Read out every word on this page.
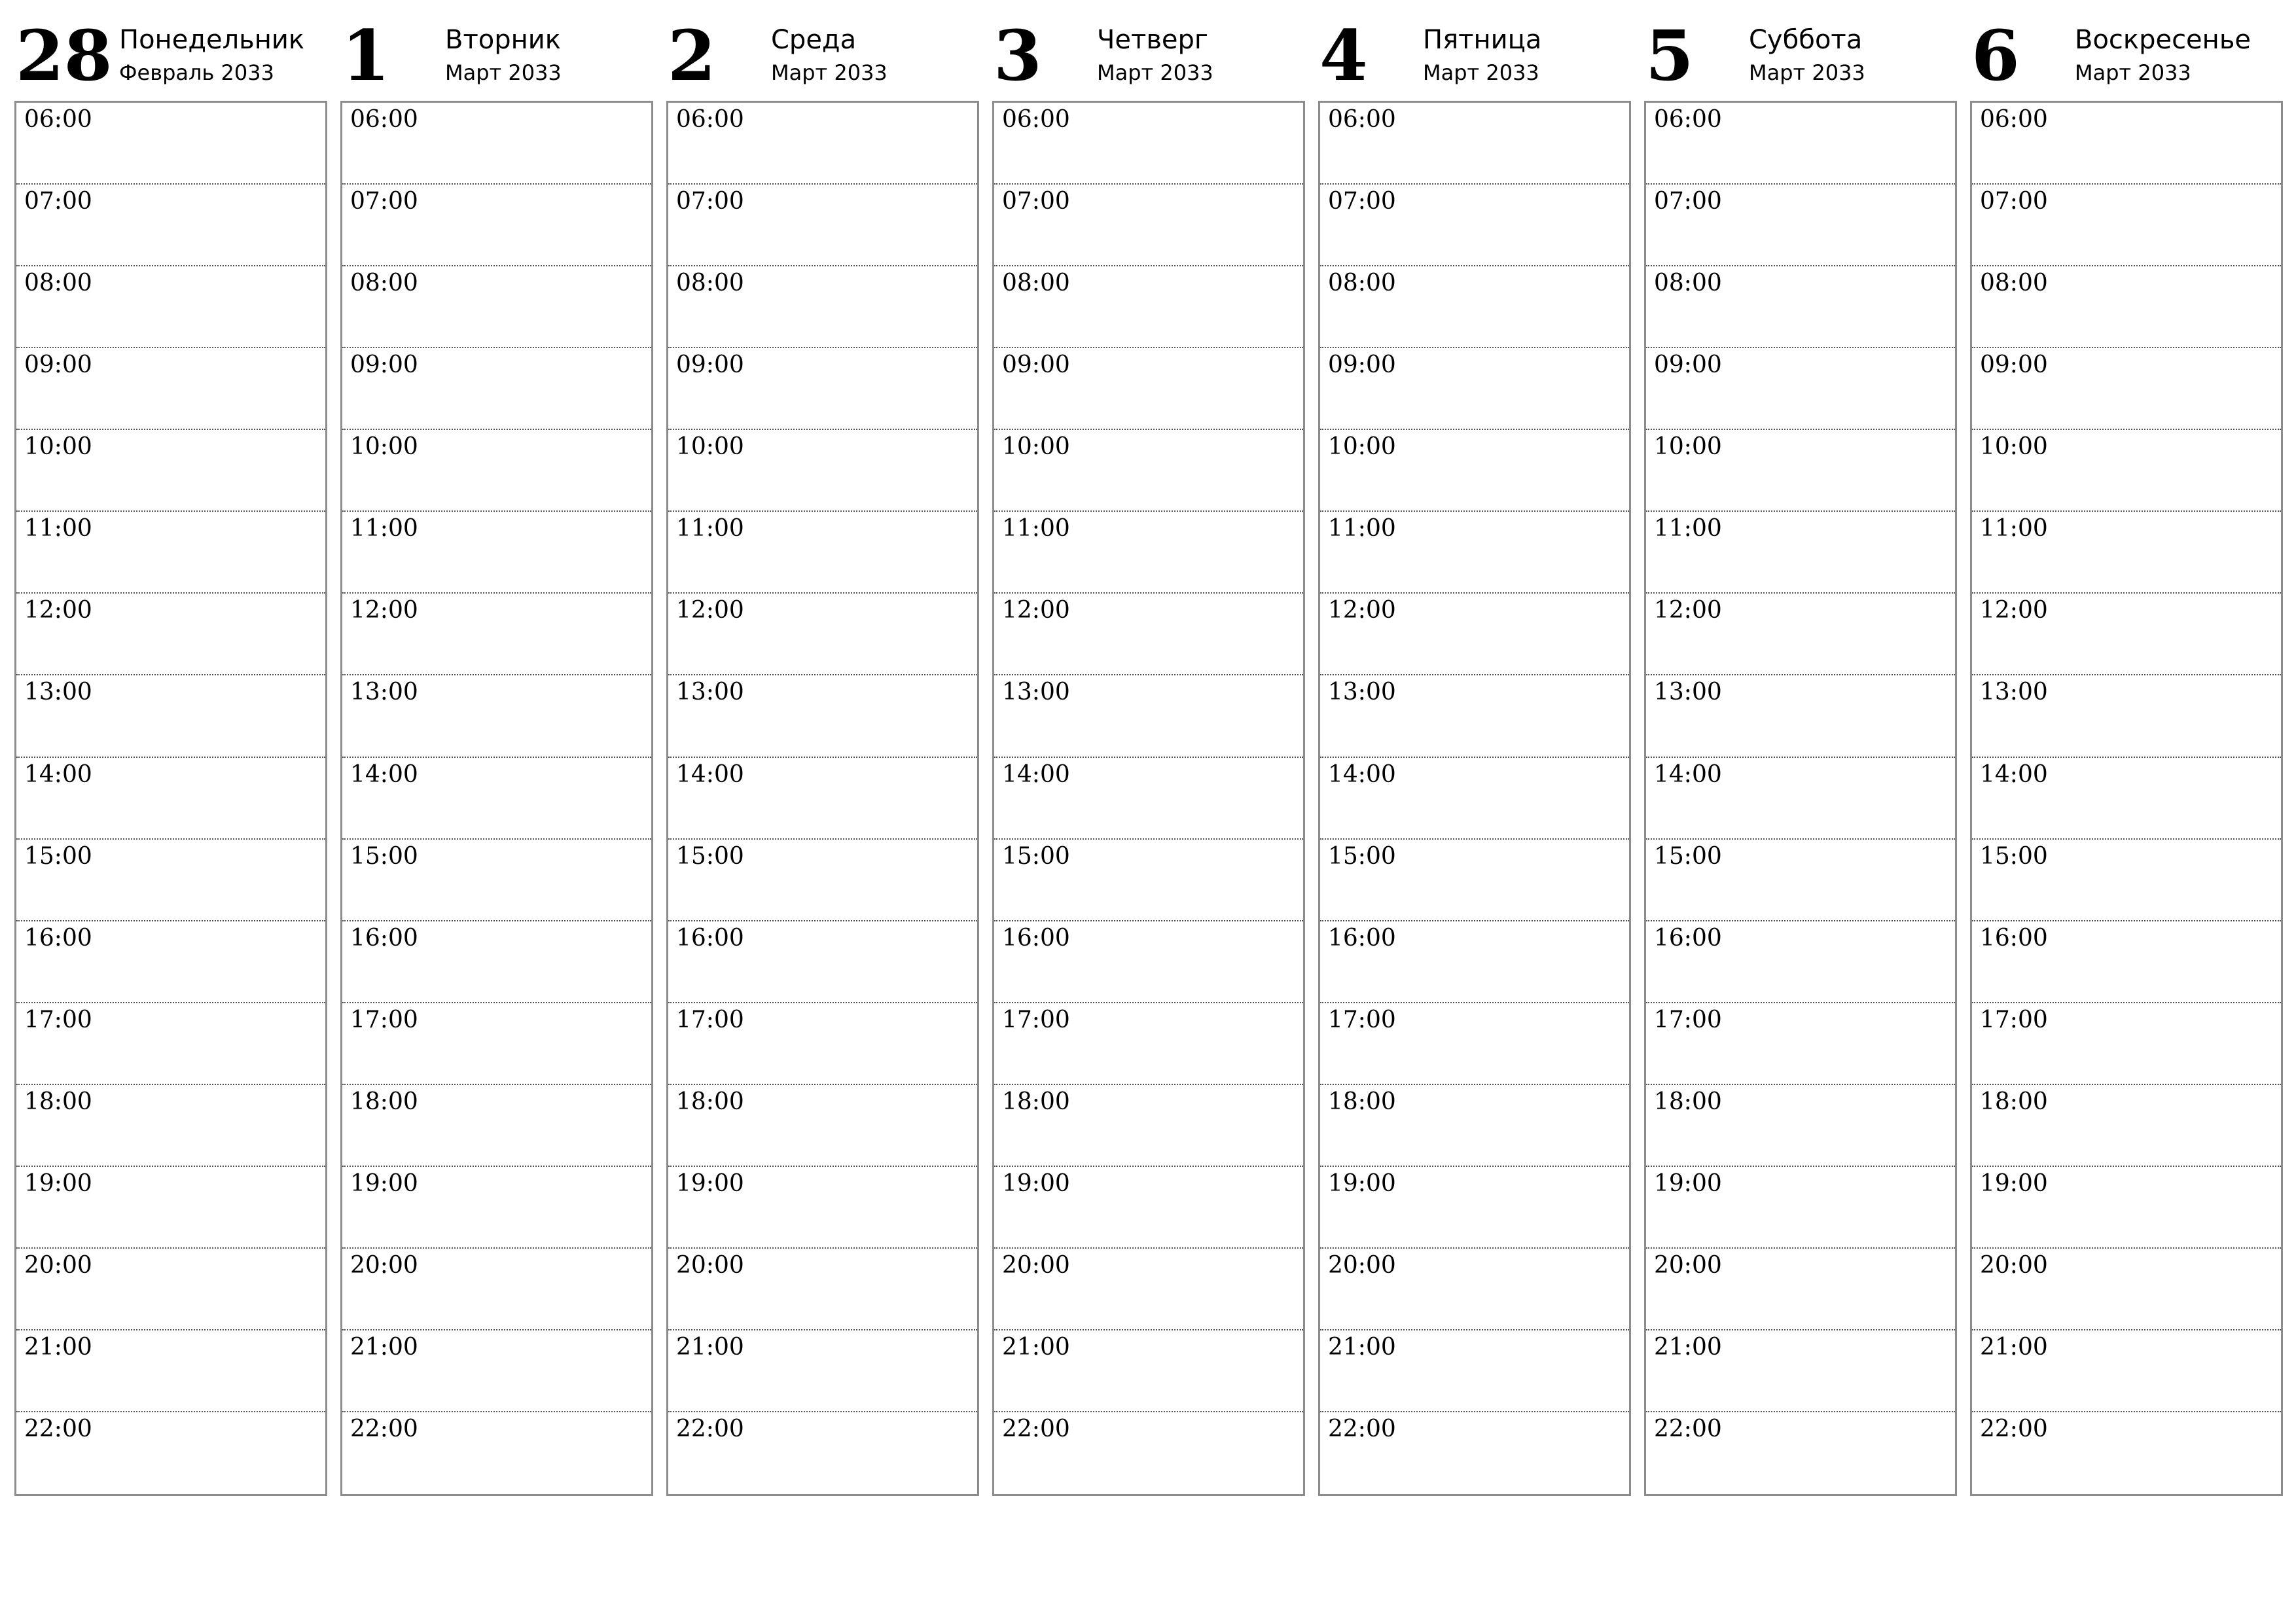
28 Понедельник
Февраль 2033
06:00
07:00
08:00
09:00
10:00
11:00
12:00
13:00
14:00
15:00
16:00
17:00
18:00
19:00
20:00
21:00
22:00
1 Вторник
Март 2033
06:00
07:00
08:00
09:00
10:00
11:00
12:00
13:00
14:00
15:00
16:00
17:00
18:00
19:00
20:00
21:00
22:00
2 Среда
Март 2033
06:00
07:00
08:00
09:00
10:00
11:00
12:00
13:00
14:00
15:00
16:00
17:00
18:00
19:00
20:00
21:00
22:00
3 Четверг
Март 2033
06:00
07:00
08:00
09:00
10:00
11:00
12:00
13:00
14:00
15:00
16:00
17:00
18:00
19:00
20:00
21:00
22:00
4 Пятница
Март 2033
06:00
07:00
08:00
09:00
10:00
11:00
12:00
13:00
14:00
15:00
16:00
17:00
18:00
19:00
20:00
21:00
22:00
5 Суббота
Март 2033
06:00
07:00
08:00
09:00
10:00
11:00
12:00
13:00
14:00
15:00
16:00
17:00
18:00
19:00
20:00
21:00
22:00
6 Воскресенье
Март 2033
06:00
07:00
08:00
09:00
10:00
11:00
12:00
13:00
14:00
15:00
16:00
17:00
18:00
19:00
20:00
21:00
22:00
